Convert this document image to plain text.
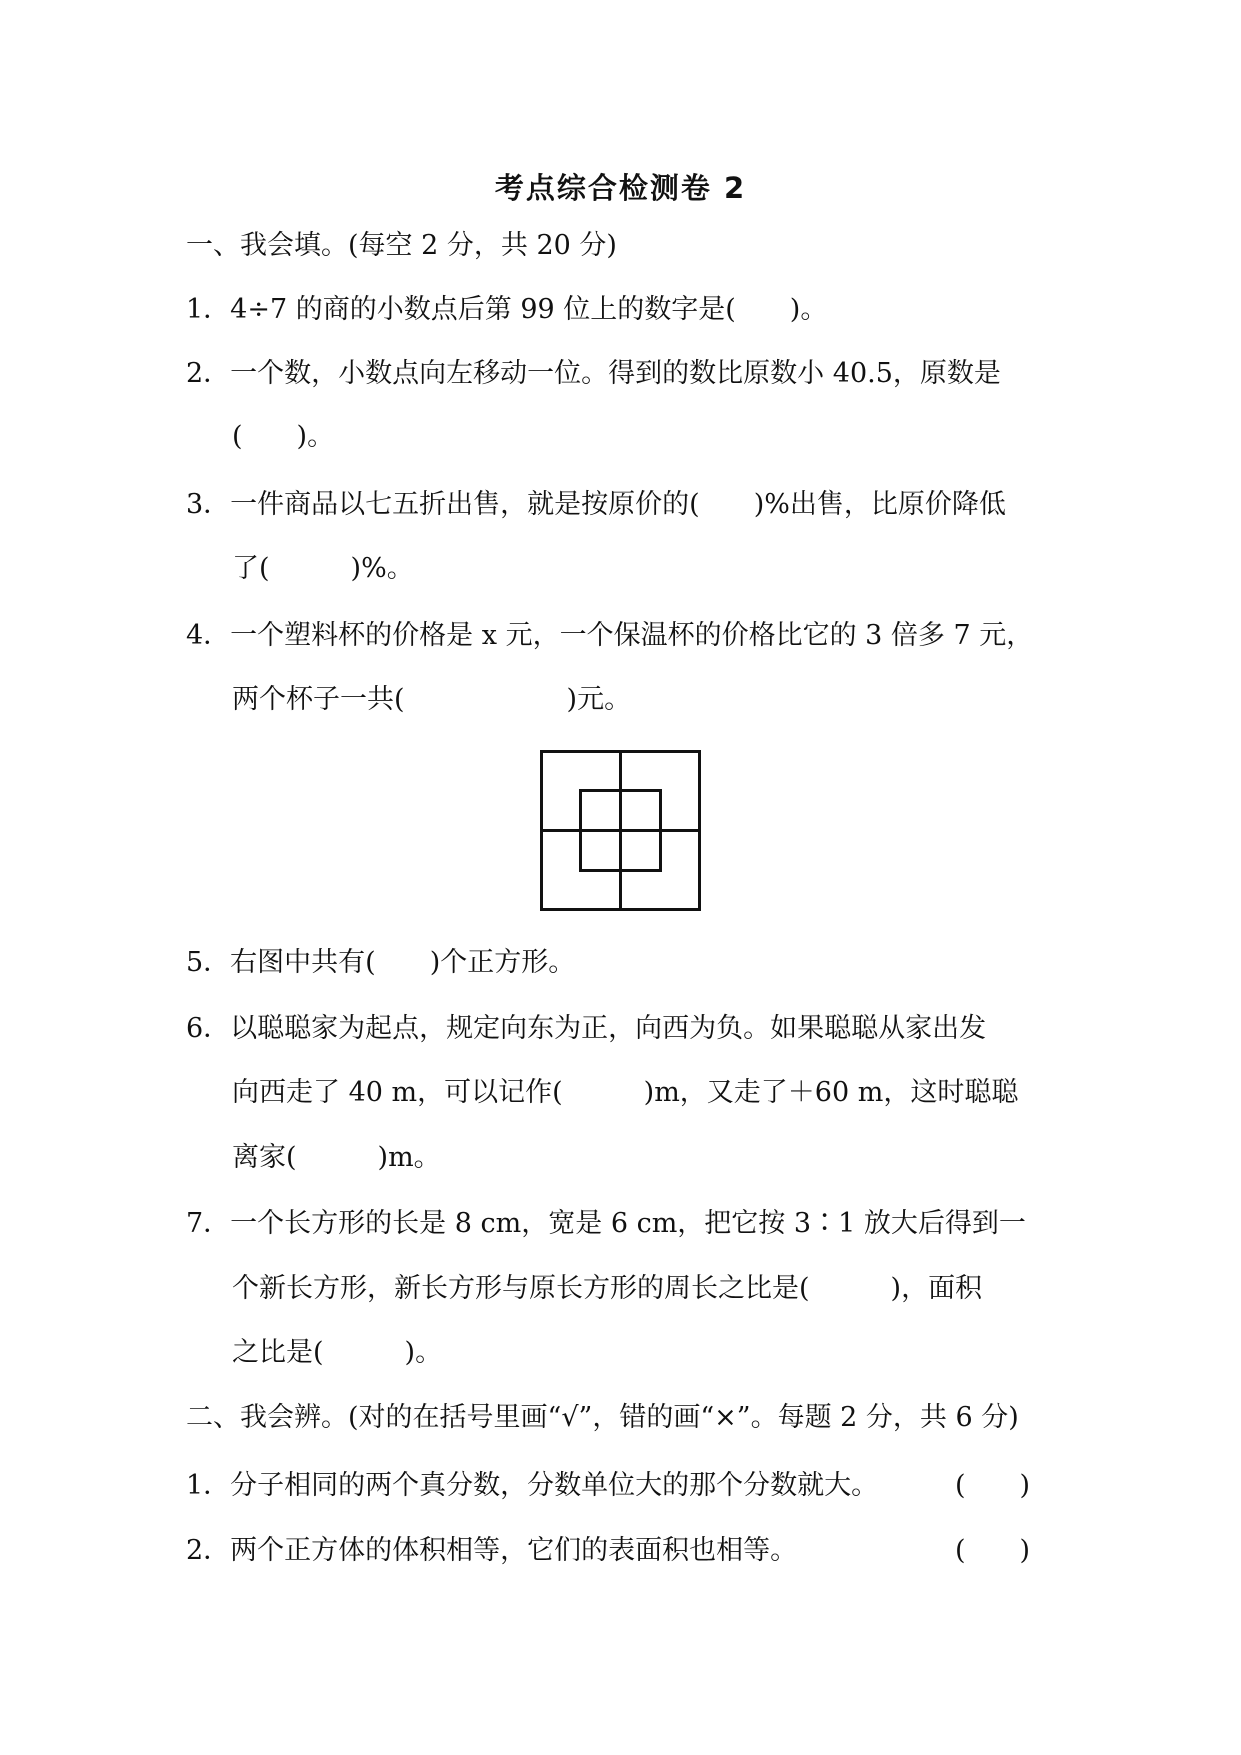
考点综合检测卷 2
一、我会填。(每空 2 分，共 20 分)
1．4÷7 的商的小数点后第 99 位上的数字是(　　)。
2．一个数，小数点向左移动一位。得到的数比原数小 40.5，原数是
(　　)。
3．一件商品以七五折出售，就是按原价的(　　)%出售，比原价降低
了(　　　)%。
4．一个塑料杯的价格是 x 元，一个保温杯的价格比它的 3 倍多 7 元，
两个杯子一共(　　　　　　)元。
5．右图中共有(　　)个正方形。
6．以聪聪家为起点，规定向东为正，向西为负。如果聪聪从家出发
向西走了 40 m，可以记作(　　　)m，又走了＋60 m，这时聪聪
离家(　　　)m。
7．一个长方形的长是 8 cm，宽是 6 cm，把它按 3∶1 放大后得到一
个新长方形，新长方形与原长方形的周长之比是(　　　)，面积
之比是(　　　)。
二、我会辨。(对的在括号里画“√”，错的画“×”。每题 2 分，共 6 分)
1．分子相同的两个真分数，分数单位大的那个分数就大。	(　　)
2．两个正方体的体积相等，它们的表面积也相等。	(　　)
